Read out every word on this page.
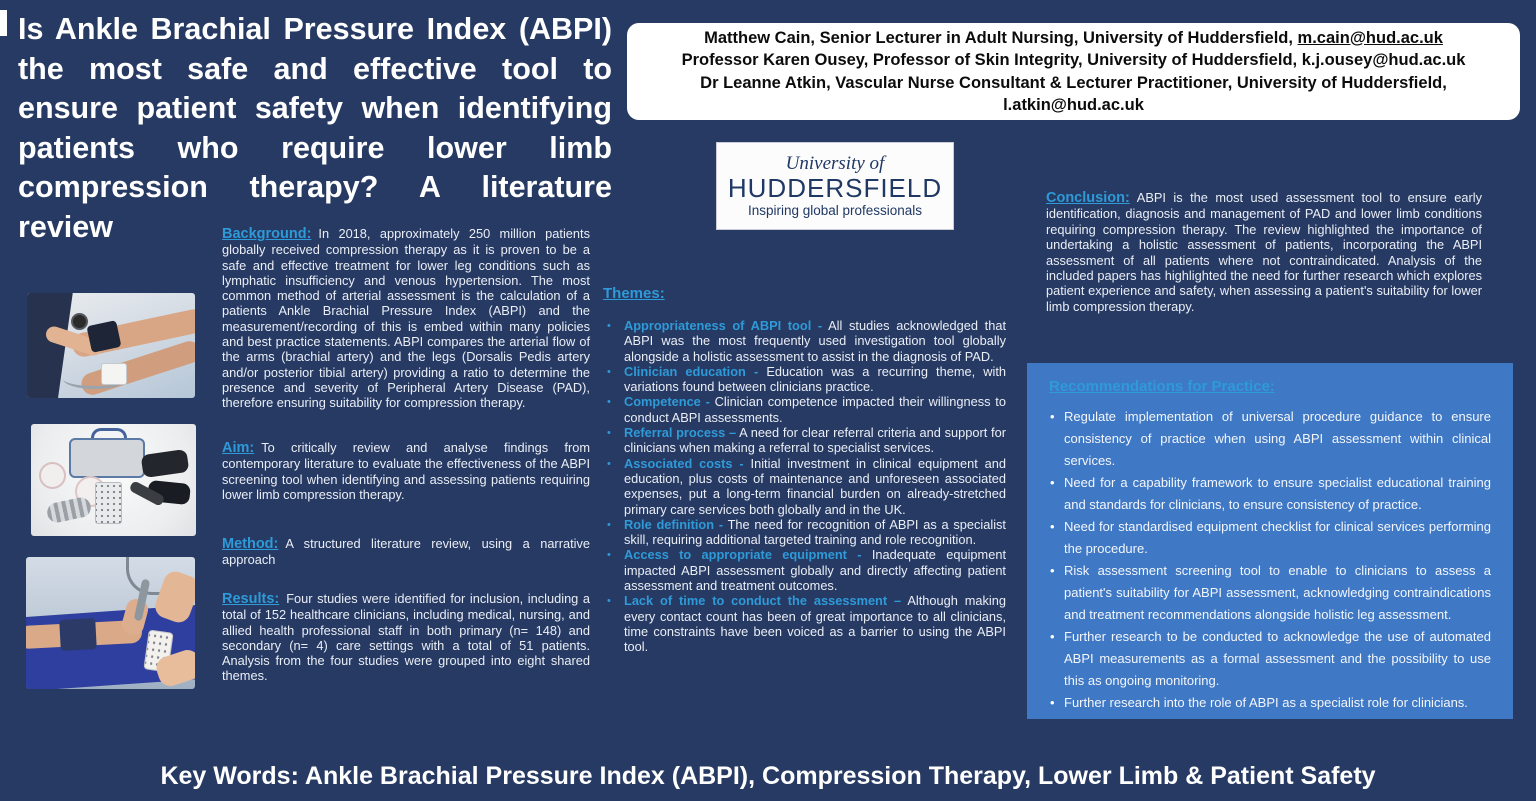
Is Ankle Brachial Pressure Index (ABPI) the most safe and effective tool to ensure patient safety when identifying patients who require lower limb compression therapy? A literature review

Matthew Cain, Senior Lecturer in Adult Nursing, University of Huddersfield, m.cain@hud.ac.uk

Professor Karen Ousey, Professor of Skin Integrity, University of Huddersfield, k.j.ousey@hud.ac.uk

Dr Leanne Atkin, Vascular Nurse Consultant & Lecturer Practitioner, University of Huddersfield, l.atkin@hud.ac.uk

University of
HUDDERSFIELD
Inspiring global professionals

Background: In 2018, approximately 250 million patients globally received compression therapy as it is proven to be a safe and effective treatment for lower leg conditions such as lymphatic insufficiency and venous hypertension. The most common method of arterial assessment is the calculation of a patients Ankle Brachial Pressure Index (ABPI) and the measurement/recording of this is embed within many policies and best practice statements. ABPI compares the arterial flow of the arms (brachial artery) and the legs (Dorsalis Pedis artery and/or posterior tibial artery) providing a ratio to determine the presence and severity of Peripheral Artery Disease (PAD), therefore ensuring suitability for compression therapy.

Aim: To critically review and analyse findings from contemporary literature to evaluate the effectiveness of the ABPI screening tool when identifying and assessing patients requiring lower limb compression therapy.

Method: A structured literature review, using a narrative approach

Results: Four studies were identified for inclusion, including a total of 152 healthcare clinicians, including medical, nursing, and allied health professional staff in both primary (n= 148) and secondary (n= 4) care settings with a total of 51 patients. Analysis from the four studies were grouped into eight shared themes.

Themes:
• Appropriateness of ABPI tool - All studies acknowledged that ABPI was the most frequently used investigation tool globally alongside a holistic assessment to assist in the diagnosis of PAD.
• Clinician education - Education was a recurring theme, with variations found between clinicians practice.
• Competence - Clinician competence impacted their willingness to conduct ABPI assessments.
• Referral process – A need for clear referral criteria and support for clinicians when making a referral to specialist services.
• Associated costs - Initial investment in clinical equipment and education, plus costs of maintenance and unforeseen associated expenses, put a long-term financial burden on already-stretched primary care services both globally and in the UK.
• Role definition - The need for recognition of ABPI as a specialist skill, requiring additional targeted training and role recognition.
• Access to appropriate equipment - Inadequate equipment impacted ABPI assessment globally and directly affecting patient assessment and treatment outcomes.
• Lack of time to conduct the assessment – Although making every contact count has been of great importance to all clinicians, time constraints have been voiced as a barrier to using the ABPI tool.

Conclusion: ABPI is the most used assessment tool to ensure early identification, diagnosis and management of PAD and lower limb conditions requiring compression therapy. The review highlighted the importance of undertaking a holistic assessment of patients, incorporating the ABPI assessment of all patients where not contraindicated. Analysis of the included papers has highlighted the need for further research which explores patient experience and safety, when assessing a patient's suitability for lower limb compression therapy.

Recommendations for Practice:
• Regulate implementation of universal procedure guidance to ensure consistency of practice when using ABPI assessment within clinical services.
• Need for a capability framework to ensure specialist educational training and standards for clinicians, to ensure consistency of practice.
• Need for standardised equipment checklist for clinical services performing the procedure.
• Risk assessment screening tool to enable to clinicians to assess a patient's suitability for ABPI assessment, acknowledging contraindications and treatment recommendations alongside holistic leg assessment.
• Further research to be conducted to acknowledge the use of automated ABPI measurements as a formal assessment and the possibility to use this as ongoing monitoring.
• Further research into the role of ABPI as a specialist role for clinicians.
Key Words: Ankle Brachial Pressure Index (ABPI), Compression Therapy, Lower Limb & Patient Safety
